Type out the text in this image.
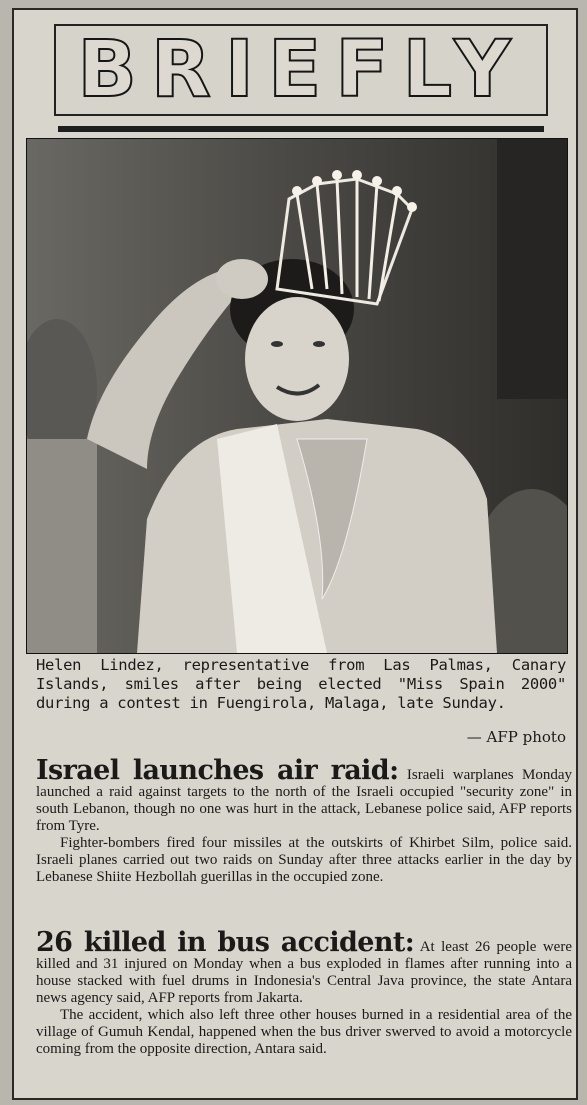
BRIEFLY
Helen Lindez, representative from Las Palmas, Canary Islands, smiles after being elected "Miss Spain 2000" during a contest in Fuengirola, Malaga, late Sunday.
— AFP photo

Israel launches air raid: Israeli warplanes Monday launched a raid against targets to the north of the Israeli occupied "security zone" in south Lebanon, though no one was hurt in the attack, Lebanese police said, AFP reports from Tyre.

Fighter-bombers fired four missiles at the outskirts of Khirbet Silm, police said. Israeli planes carried out two raids on Sunday after three attacks earlier in the day by Lebanese Shiite Hezbollah guerillas in the occupied zone.

26 killed in bus accident: At least 26 people were killed and 31 injured on Monday when a bus exploded in flames after running into a house stacked with fuel drums in Indonesia's Central Java province, the state Antara news agency said, AFP reports from Jakarta.

The accident, which also left three other houses burned in a residential area of the village of Gumuh Kendal, happened when the bus driver swerved to avoid a motorcycle coming from the opposite direction, Antara said.
